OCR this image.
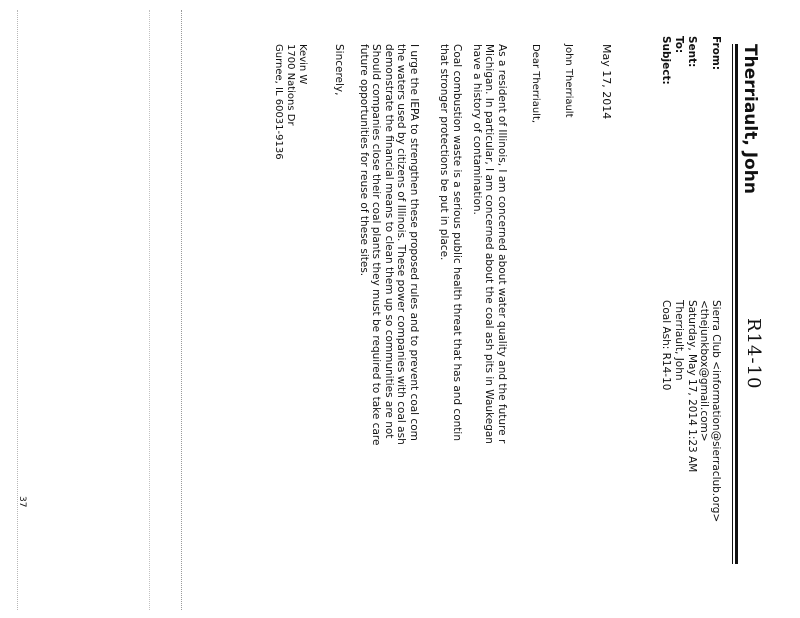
R14-10
Therriault, John
From:
Sent:
To:
Subject:
Sierra Club <information@sierraclub.org>
<thejunkbox@gmail.com>
Saturday, May 17, 2014 1:23 AM
Therriault, John
Coal Ash: R14-10
May 17, 2014
John Therriault
Dear Therriault,
As a resident of Illinois, I am concerned about water quality and the future r
Michigan. In particular, I am concerned about the coal ash pits in Waukegan
have a history of contamination.
Coal combustion waste is a serious public health threat that has and contin
that stronger protections be put in place.
I urge the IEPA to strengthen these proposed rules and to prevent coal com
the waters used by citizens of Illinois. These power companies with coal ash
demonstrate the financial means to clean them up so communities are not
Should companies close their coal plants they must be required to take care
future opportunities for reuse of these sites.
Sincerely,
Kevin W
1700 Nations Dr
Gurnee, IL 60031-9136
37
